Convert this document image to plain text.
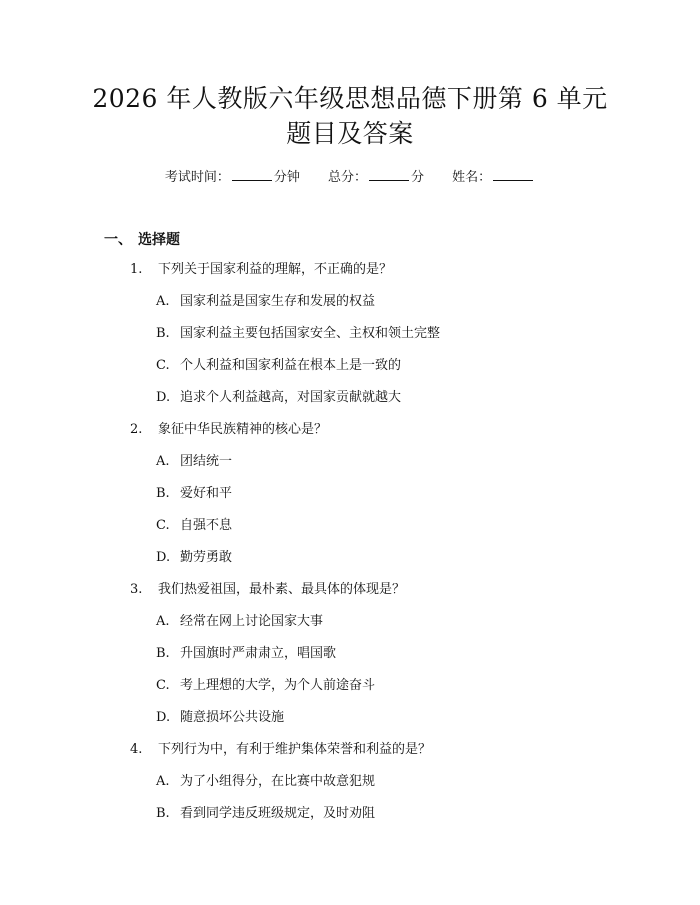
2026 年人教版六年级思想品德下册第 6 单元
题目及答案
考试时间：	分钟 总分：	分 姓名：
一、 选择题
1. 下列关于国家利益的理解，不正确的是？
A. 国家利益是国家生存和发展的权益
B. 国家利益主要包括国家安全、主权和领土完整
C. 个人利益和国家利益在根本上是一致的
D. 追求个人利益越高，对国家贡献就越大
2. 象征中华民族精神的核心是？
A. 团结统一
B. 爱好和平
C. 自强不息
D. 勤劳勇敢
3. 我们热爱祖国，最朴素、最具体的体现是？
A. 经常在网上讨论国家大事
B. 升国旗时严肃肃立，唱国歌
C. 考上理想的大学，为个人前途奋斗
D. 随意损坏公共设施
4. 下列行为中，有利于维护集体荣誉和利益的是？
A. 为了小组得分，在比赛中故意犯规
B. 看到同学违反班级规定，及时劝阻
